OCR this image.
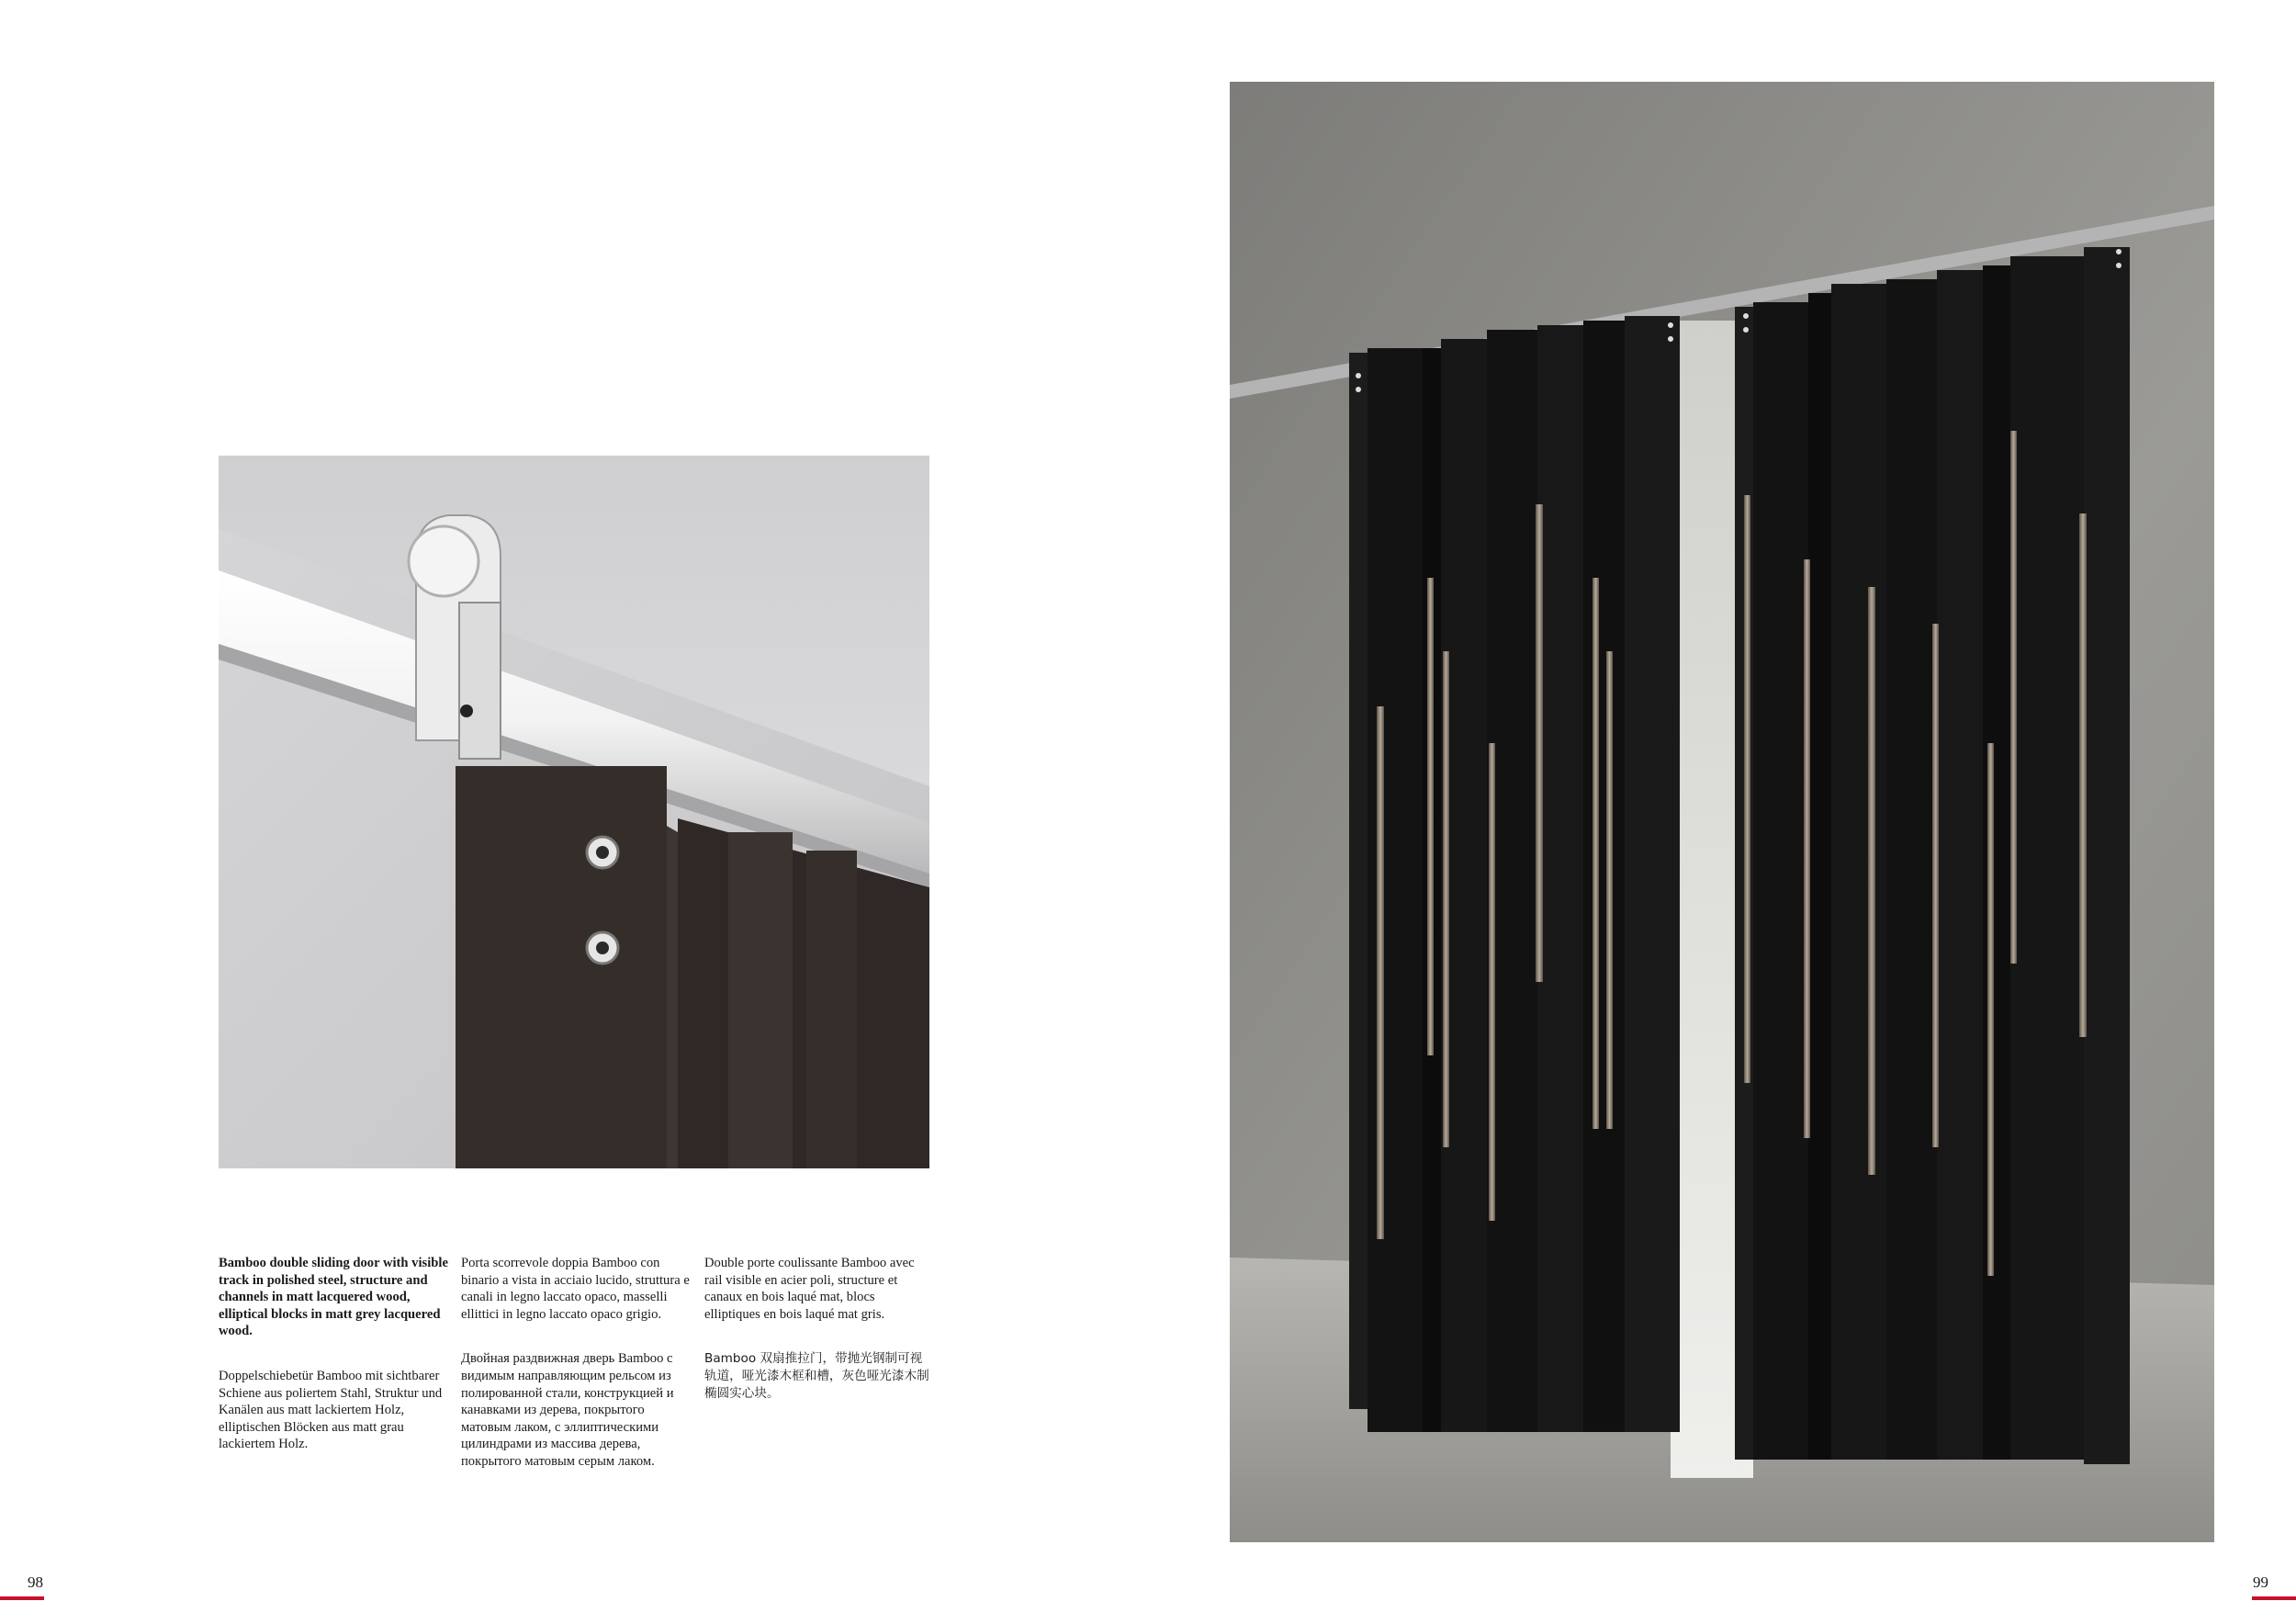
Bamboo double sliding door with visible track in polished steel, structure and channels in matt lacquered wood, elliptical blocks in matt grey lacquered wood.

Doppelschiebetür Bamboo mit sichtbarer Schiene aus poliertem Stahl, Struktur und Kanälen aus matt lackiertem Holz, elliptischen Blöcken aus matt grau lackiertem Holz.

Porta scorrevole doppia Bamboo con binario a vista in acciaio lucido, struttura e canali in legno laccato opaco, masselli ellittici in legno laccato opaco grigio.

Двойная раздвижная дверь Bamboo с видимым направляющим рельсом из полированной стали, конструкцией и канавками из дерева, покрытого матовым лаком, с эллиптическими цилиндрами из массива дерева, покрытого матовым серым лаком.

Double porte coulissante Bamboo avec rail visible en acier poli, structure et canaux en bois laqué mat, blocs elliptiques en bois laqué mat gris.

Bamboo 双扇推拉门，带抛光钢制可视轨道，哑光漆木框和槽，灰色哑光漆木制椭圆实心块。

98	99
